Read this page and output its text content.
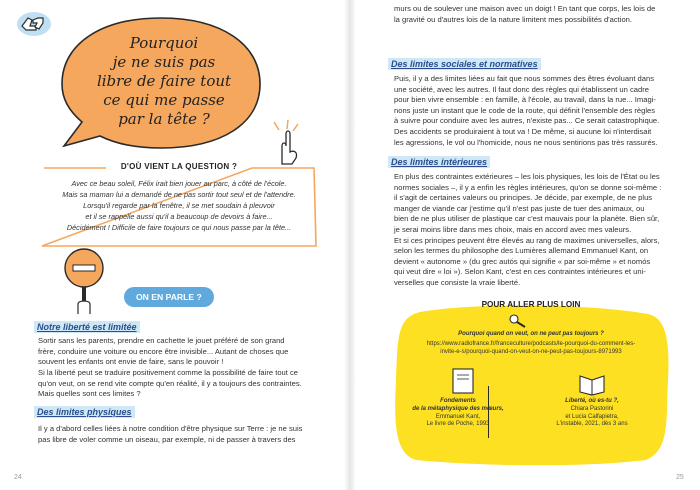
Pourquoi
je ne suis pas
libre de faire tout
ce qui me passe
par la tête ?
D'OÙ VIENT LA QUESTION ?
Avec ce beau soleil, Félix irait bien jouer au parc, à côté de l'école.
Mais sa maman lui a demandé de ne pas sortir tout seul et de l'attendre.
Lorsqu'il regarde par la fenêtre, il se met soudain à pleuvoir
et il se rappelle aussi qu'il a beaucoup de devoirs à faire...
Décidément ! Difficile de faire toujours ce qui nous passe par la tête...
ON EN PARLE ?
Notre liberté est limitée
Sortir sans les parents, prendre en cachette le jouet préféré de son grand
frère, conduire une voiture ou encore être invisible... Autant de choses que
souvent les enfants ont envie de faire, sans le pouvoir !
Si la liberté peut se traduire positivement comme la possibilité de faire tout ce
qu'on veut, on se rend vite compte qu'en réalité, il y a toujours des contraintes.
Mais quelles sont ces limites ?
Des limites physiques
Il y a d'abord celles liées à notre condition d'être physique sur Terre : je ne suis
pas libre de voler comme un oiseau, par exemple, ni de passer à travers des
24
murs ou de soulever une maison avec un doigt ! En tant que corps, les lois de
la gravité ou d'autres lois de la nature limitent mes possibilités d'action.
Des limites sociales et normatives
Puis, il y a des limites liées au fait que nous sommes des êtres évoluant dans
une société, avec les autres. Il faut donc des règles qui établissent un cadre
pour bien vivre ensemble : en famille, à l'école, au travail, dans la rue... Imagi-
nons juste un instant que le code de la route, qui définit l'ensemble des règles
à suivre pour conduire avec les autres, n'existe pas... Ce serait catastrophique.
Des accidents se produiraient à tout va ! De même, si aucune loi n'interdisait
les agressions, le vol ou l'homicide, nous ne nous sentirions pas très rassurés.
Des limites intérieures
En plus des contraintes extérieures – les lois physiques, les lois de l'État ou les
normes sociales –, il y a enfin les règles intérieures, qu'on se donne soi-même :
il s'agit de certaines valeurs ou principes. Je décide, par exemple, de ne plus
manger de viande car j'estime qu'il n'est pas juste de tuer des animaux, ou
bien de ne plus utiliser de plastique car c'est mauvais pour la planète. Bien sûr,
je serai moins libre dans mes choix, mais en accord avec mes valeurs.
Et si ces principes peuvent être élevés au rang de maximes universelles, alors,
selon les termes du philosophe des Lumières allemand Emmanuel Kant, on
devient « autonome » (du grec autós qui signifie « par soi-même » et nomós
qui veut dire « loi »). Selon Kant, c'est en ces contraintes intérieures et uni-
verselles que consiste la vraie liberté.
POUR ALLER PLUS LOIN
Pourquoi quand on veut, on ne peut pas toujours ?
https://www.radiofrance.fr/franceculture/podcasts/le-pourquoi-du-comment-les-
invite-e-s/pourquoi-quand-on-veut-on-ne-peut-pas-toujours-8971993
Fondements
de la métaphysique des mœurs,
Emmanuel Kant,
Le livre de Poche, 1993
Liberté, où es-tu ?,
Chiara Pastorini
et Lucia Calfapietra,
L'instable, 2021, dès 3 ans
25
